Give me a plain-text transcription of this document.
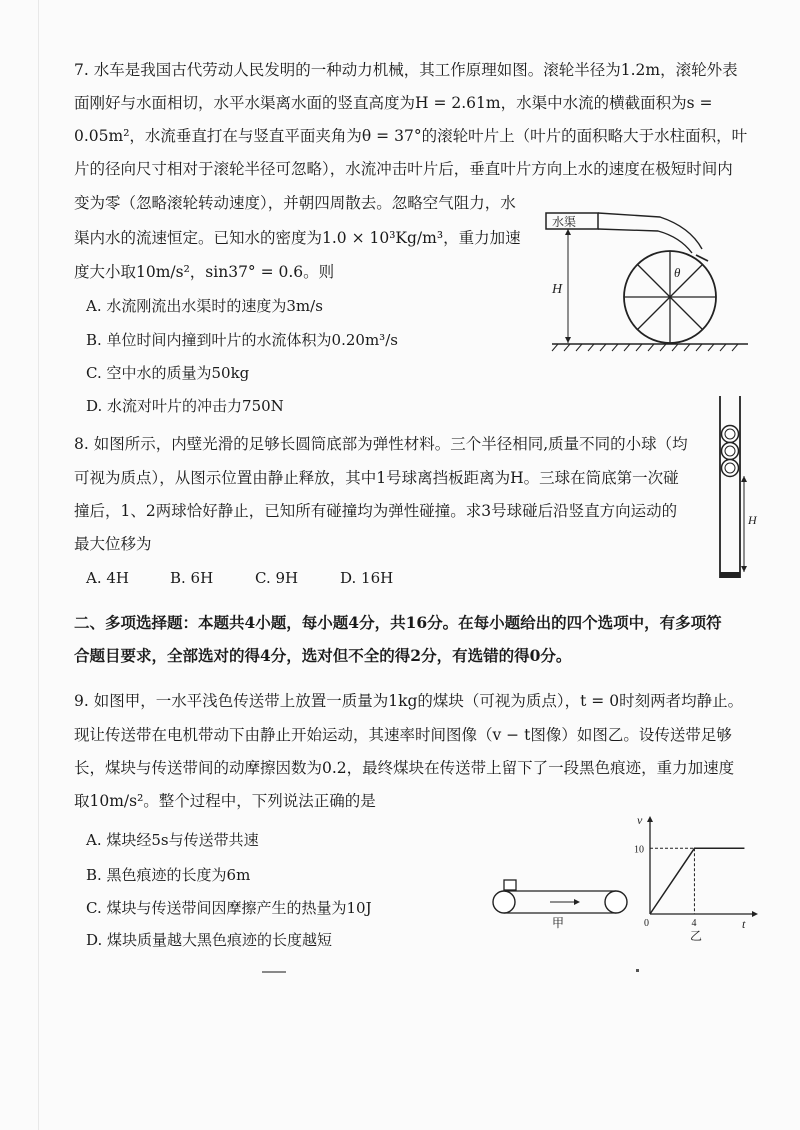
7. 水车是我国古代劳动人民发明的一种动力机械，其工作原理如图。滚轮半径为1.2m，滚轮外表
面刚好与水面相切，水平水渠离水面的竖直高度为H = 2.61m，水渠中水流的横截面积为s =
0.05m²，水流垂直打在与竖直平面夹角为θ = 37°的滚轮叶片上（叶片的面积略大于水柱面积，叶
片的径向尺寸相对于滚轮半径可忽略），水流冲击叶片后，垂直叶片方向上水的速度在极短时间内
变为零（忽略滚轮转动速度），并朝四周散去。忽略空气阻力，水
渠内水的流速恒定。已知水的密度为1.0 × 10³Kg/m³，重力加速
度大小取10m/s²，sin37° = 0.6。则
A. 水流刚流出水渠时的速度为3m/s
B. 单位时间内撞到叶片的水流体积为0.20m³/s
C. 空中水的质量为50kg
D. 水流对叶片的冲击力750N
水渠
H
θ
8. 如图所示，内壁光滑的足够长圆筒底部为弹性材料。三个半径相同,质量不同的小球（均
可视为质点），从图示位置由静止释放，其中1号球离挡板距离为H。三球在筒底第一次碰
撞后，1、2两球恰好静止，已知所有碰撞均为弹性碰撞。求3号球碰后沿竖直方向运动的
最大位移为
A. 4H	B. 6H	C. 9H	D. 16H
H
二、多项选择题：本题共4小题，每小题4分，共16分。在每小题给出的四个选项中，有多项符
合题目要求，全部选对的得4分，选对但不全的得2分，有选错的得0分。
9. 如图甲，一水平浅色传送带上放置一质量为1kg的煤块（可视为质点），t = 0时刻两者均静止。
现让传送带在电机带动下由静止开始运动，其速率时间图像（v − t图像）如图乙。设传送带足够
长，煤块与传送带间的动摩擦因数为0.2，最终煤块在传送带上留下了一段黑色痕迹，重力加速度
取10m/s²。整个过程中，下列说法正确的是
A. 煤块经5s与传送带共速
B. 黑色痕迹的长度为6m
C. 煤块与传送带间因摩擦产生的热量为10J
D. 煤块质量越大黑色痕迹的长度越短
甲
v
t
0
10
4
乙
